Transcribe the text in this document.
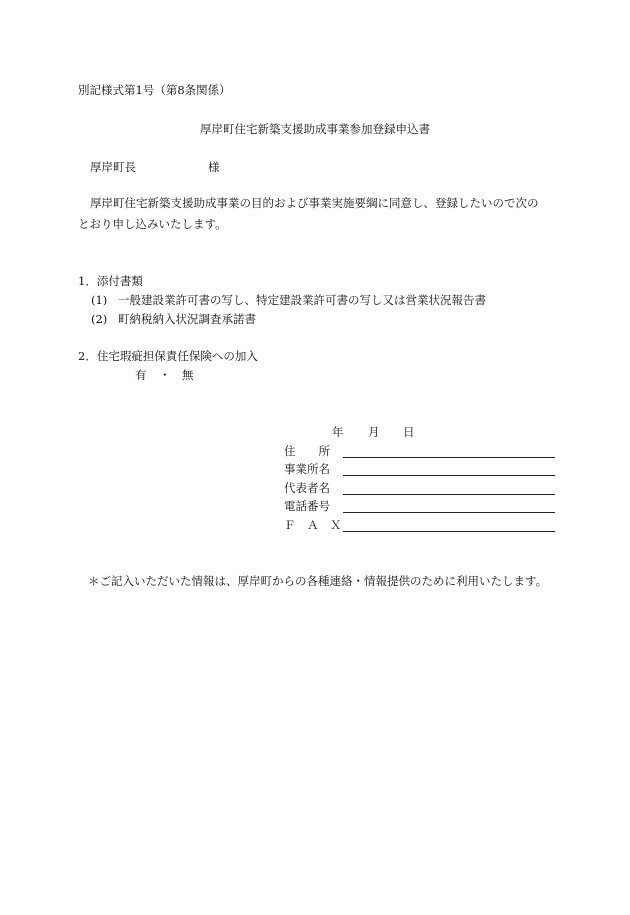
別記様式第1号（第8条関係）
厚岸町住宅新築支援助成事業参加登録申込書
厚岸町長	様
厚岸町住宅新築支援助成事業の目的および事業実施要綱に同意し、登録したいので次の
とおり申し込みいたします。
1．添付書類
(1) 一般建設業許可書の写し、特定建設業許可書の写し又は営業状況報告書
(2) 町納税納入状況調査承諾書
2．住宅瑕疵担保責任保険への加入
有 ・ 無
年 月 日
住　　所
事業所名
代表者名
電話番号
Ｆ　Ａ　Ｘ
＊ご記入いただいた情報は、厚岸町からの各種連絡・情報提供のために利用いたします。
